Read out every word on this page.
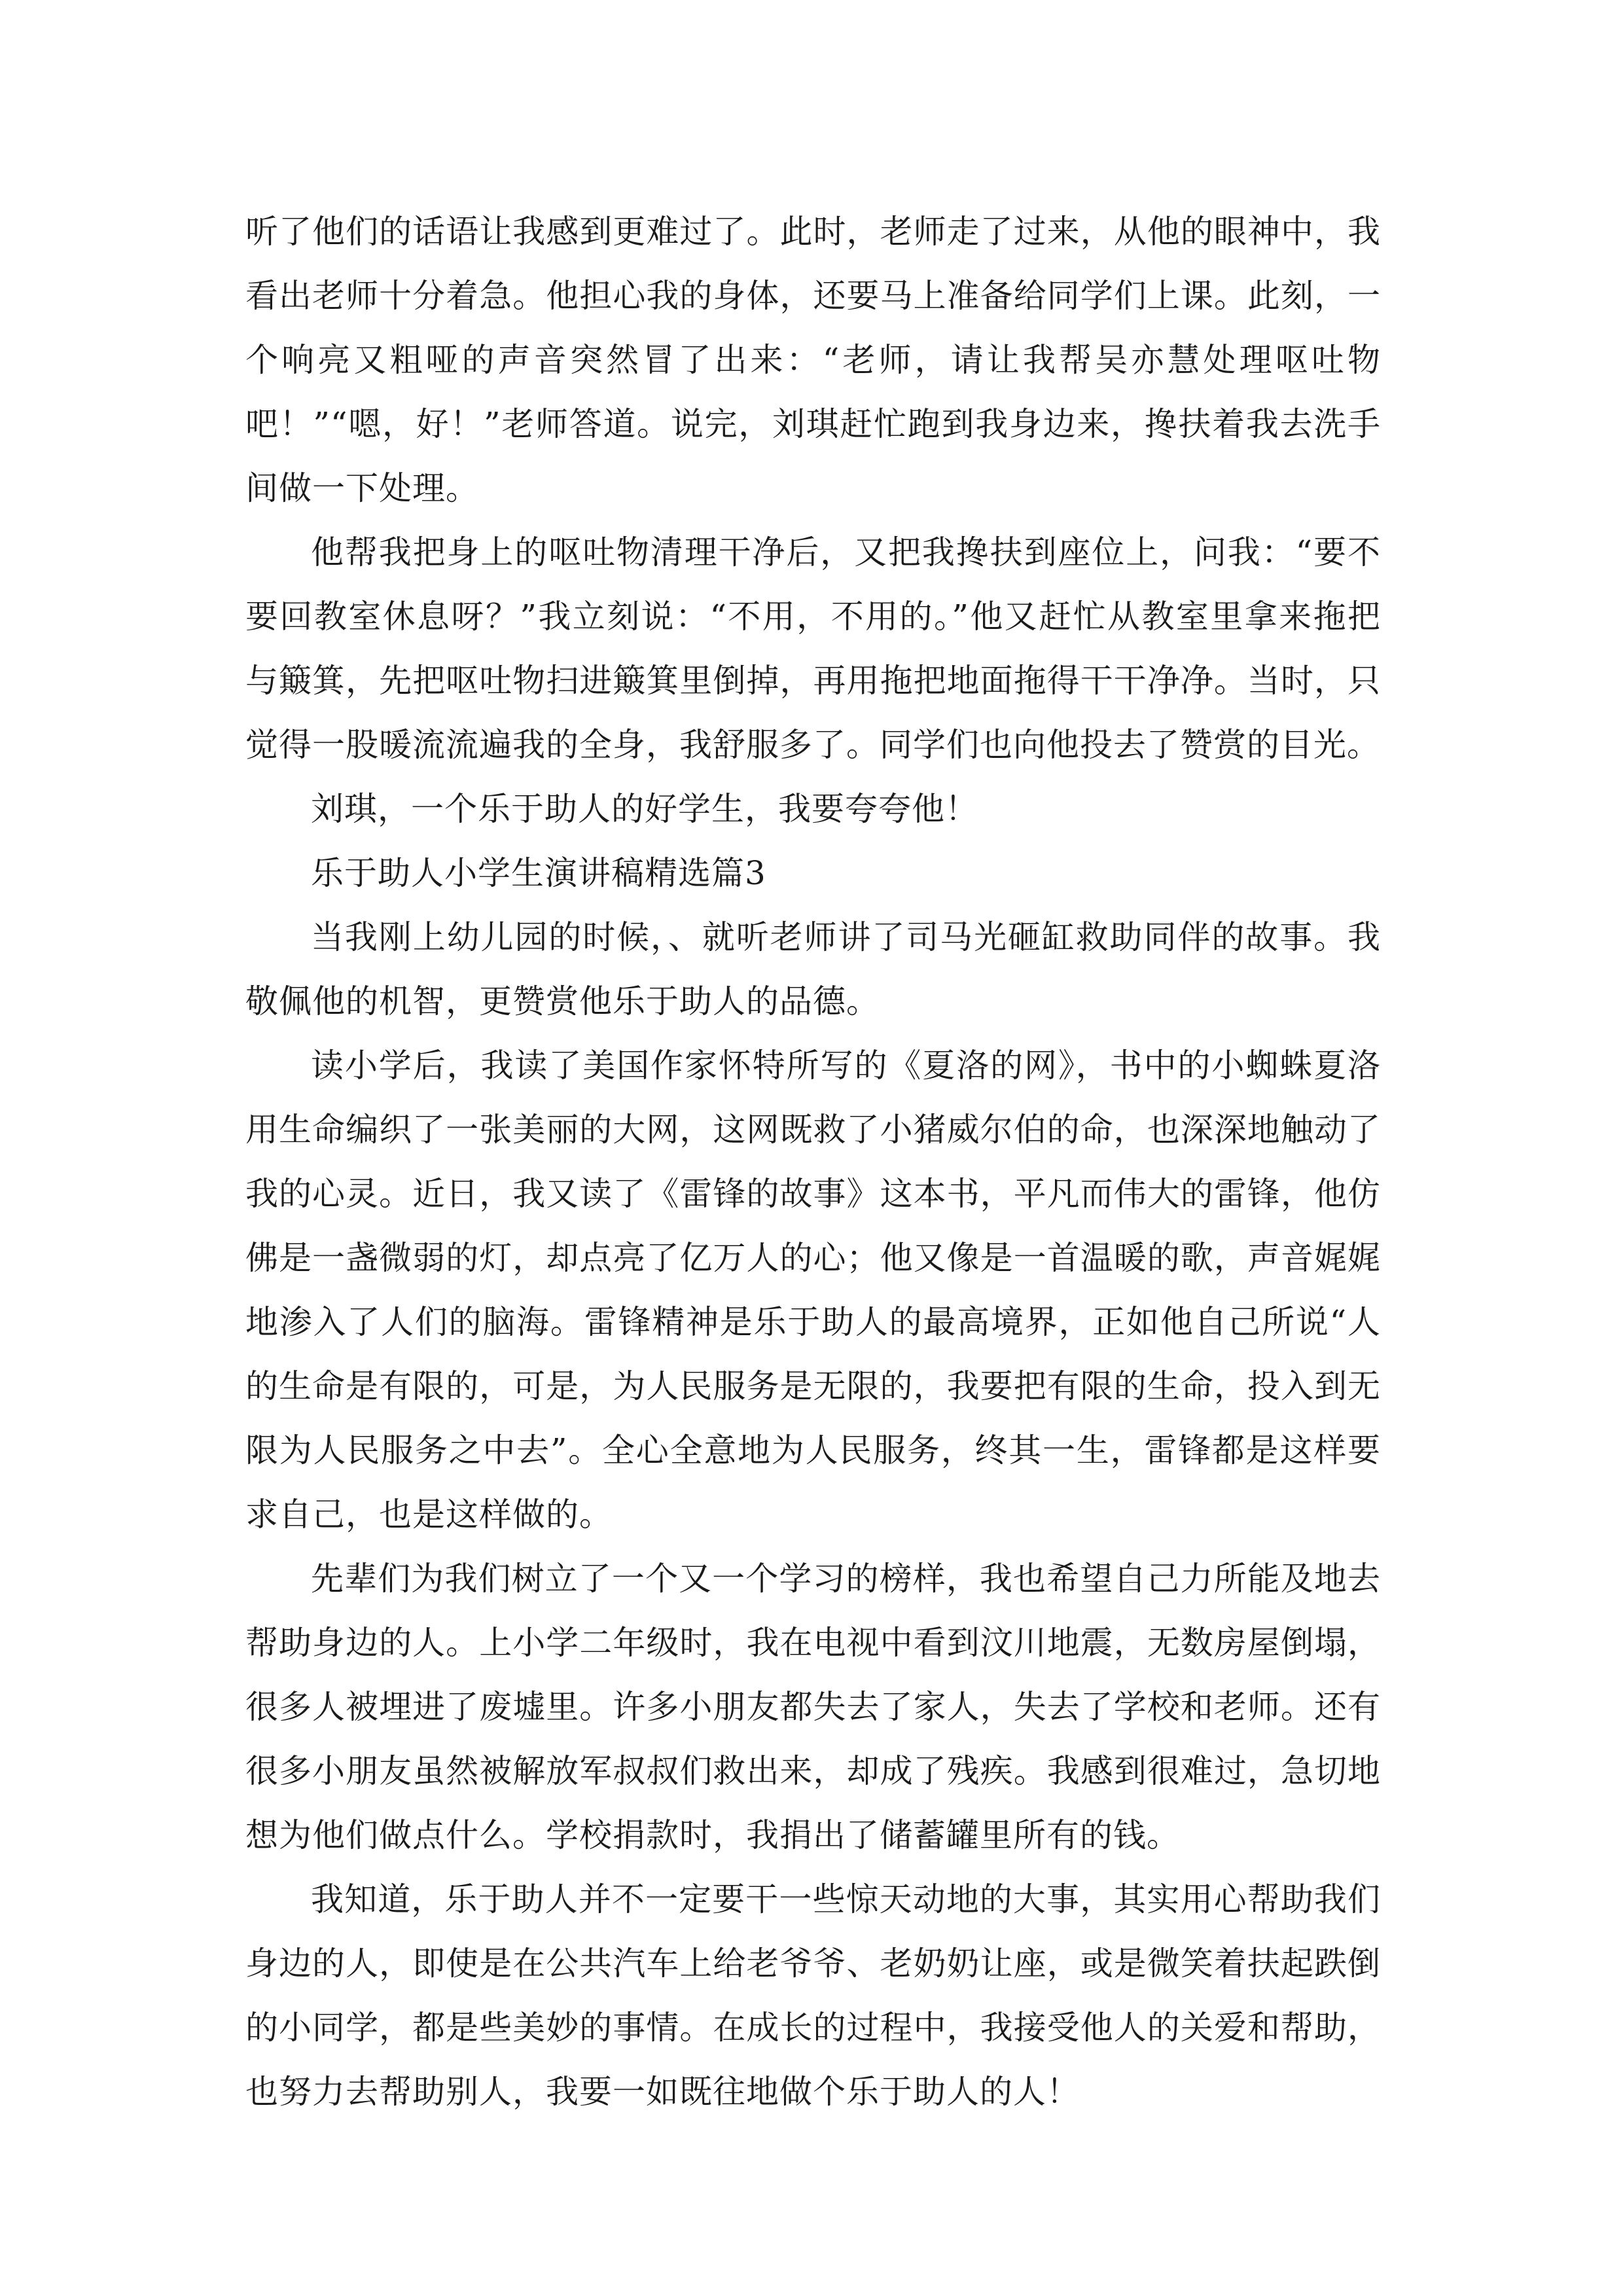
听了他们的话语让我感到更难过了。此时，老师走了过来，从他的眼神中，我看出老师十分着急。他担心我的身体，还要马上准备给同学们上课。此刻，一个响亮又粗哑的声音突然冒了出来：“老师，请让我帮吴亦慧处理呕吐物吧！”“嗯，好！”老师答道。说完，刘琪赶忙跑到我身边来，搀扶着我去洗手间做一下处理。

他帮我把身上的呕吐物清理干净后，又把我搀扶到座位上，问我：“要不要回教室休息呀？”我立刻说：“不用，不用的。”他又赶忙从教室里拿来拖把与簸箕，先把呕吐物扫进簸箕里倒掉，再用拖把地面拖得干干净净。当时，只觉得一股暖流流遍我的全身，我舒服多了。同学们也向他投去了赞赏的目光。

刘琪，一个乐于助人的好学生，我要夸夸他！

乐于助人小学生演讲稿精选篇3

当我刚上幼儿园的时候，、就听老师讲了司马光砸缸救助同伴的故事。我敬佩他的机智，更赞赏他乐于助人的品德。

读小学后，我读了美国作家怀特所写的《夏洛的网》，书中的小蜘蛛夏洛用生命编织了一张美丽的大网，这网既救了小猪威尔伯的命，也深深地触动了我的心灵。近日，我又读了《雷锋的故事》这本书，平凡而伟大的雷锋，他仿佛是一盏微弱的灯，却点亮了亿万人的心；他又像是一首温暖的歌，声音娓娓地渗入了人们的脑海。雷锋精神是乐于助人的最高境界，正如他自己所说“人的生命是有限的，可是，为人民服务是无限的，我要把有限的生命，投入到无限为人民服务之中去”。全心全意地为人民服务，终其一生，雷锋都是这样要求自己，也是这样做的。

先辈们为我们树立了一个又一个学习的榜样，我也希望自己力所能及地去帮助身边的人。上小学二年级时，我在电视中看到汶川地震，无数房屋倒塌，很多人被埋进了废墟里。许多小朋友都失去了家人，失去了学校和老师。还有很多小朋友虽然被解放军叔叔们救出来，却成了残疾。我感到很难过，急切地想为他们做点什么。学校捐款时，我捐出了储蓄罐里所有的钱。

我知道，乐于助人并不一定要干一些惊天动地的大事，其实用心帮助我们身边的人，即使是在公共汽车上给老爷爷、老奶奶让座，或是微笑着扶起跌倒的小同学，都是些美妙的事情。在成长的过程中，我接受他人的关爱和帮助，也努力去帮助别人，我要一如既往地做个乐于助人的人！
